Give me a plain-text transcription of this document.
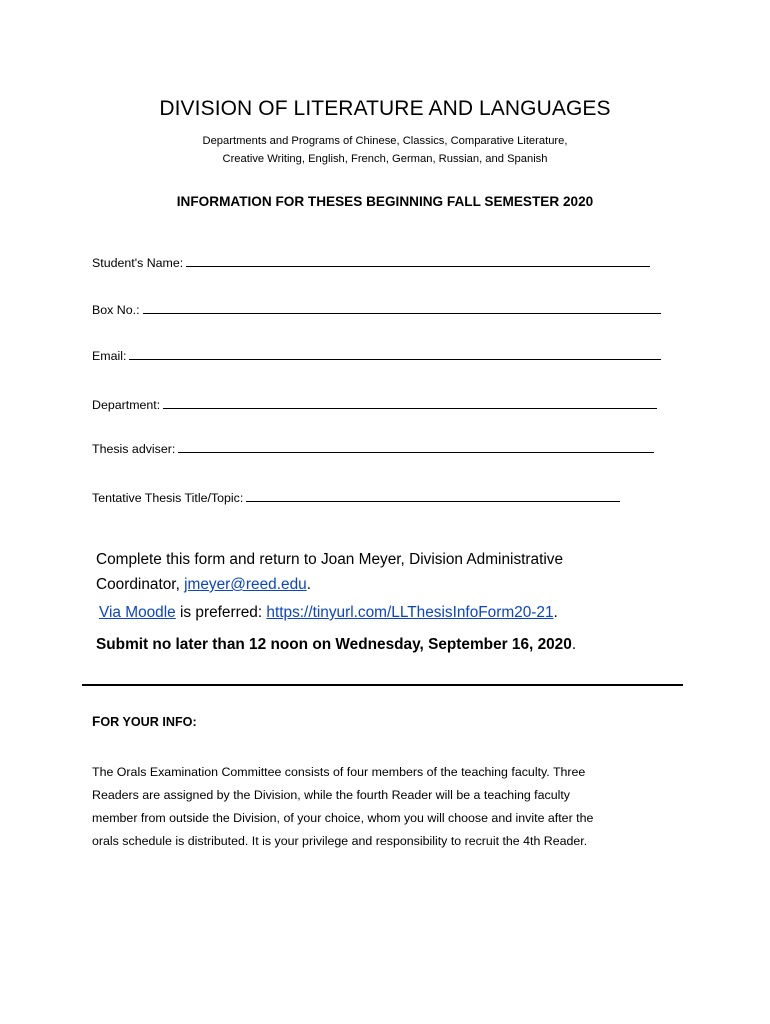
DIVISION OF LITERATURE AND LANGUAGES
Departments and Programs of Chinese, Classics, Comparative Literature,
Creative Writing, English, French, German, Russian, and Spanish
INFORMATION FOR THESES BEGINNING FALL SEMESTER 2020
Student's Name:
Box No.:
Email:
Department:
Thesis adviser:
Tentative Thesis Title/Topic:
Complete this form and return to Joan Meyer, Division Administrative
Coordinator, jmeyer@reed.edu.
Via Moodle is preferred: https://tinyurl.com/LLThesisInfoForm20-21.
Submit no later than 12 noon on Wednesday, September 16, 2020.
FOR YOUR INFO:
The Orals Examination Committee consists of four members of the teaching faculty. Three
Readers are assigned by the Division, while the fourth Reader will be a teaching faculty
member from outside the Division, of your choice, whom you will choose and invite after the
orals schedule is distributed. It is your privilege and responsibility to recruit the 4th Reader.
